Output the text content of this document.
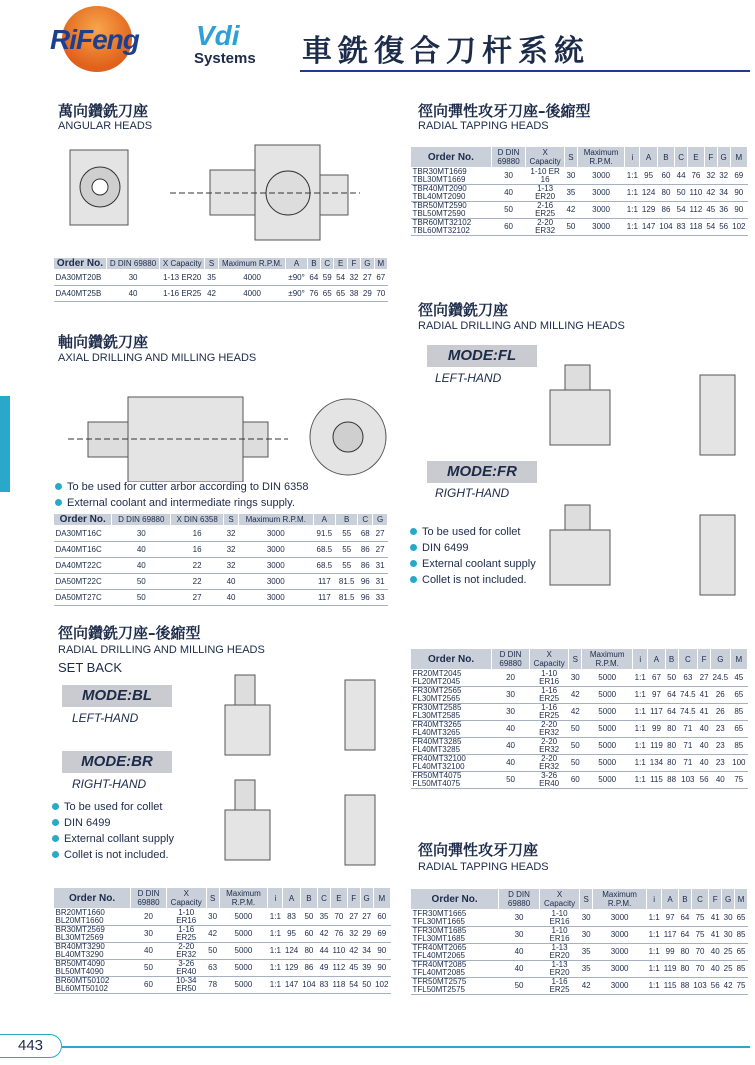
RiFeng Vdi
Systems 車銑復合刀杆系統
萬向鑽銑刀座
ANGULAR HEADS
Order No.	D DIN 69880	X Capacity	S	Maximum R.P.M.	A	B	C	E	F	G	M
DA30MT20B	30	1-13 ER20	35	4000	±90°	64	59	54	32	27	67
DA40MT25B	40	1-16 ER25	42	4000	±90°	76	65	65	38	29	70
軸向鑽銑刀座
AXIAL DRILLING AND MILLING HEADS
To be used for cutter arbor according to DIN 6358
External coolant and intermediate rings supply.
Order No.	D DIN 69880	X DIN 6358	S	Maximum R.P.M.	A	B	C	G
DA30MT16C	30	16	32	3000	91.5	55	68	27
DA40MT16C	40	16	32	3000	68.5	55	86	27
DA40MT22C	40	22	32	3000	68.5	55	86	31
DA50MT22C	50	22	40	3000	117	81.5	96	31
DA50MT27C	50	27	40	3000	117	81.5	96	33
徑向鑽銑刀座–後縮型
RADIAL DRILLING AND MILLING HEADS
SET BACK
MODE:BL
LEFT-HAND
MODE:BR
RIGHT-HAND
To be used for collet
DIN 6499
External collant supply
Collet is not included.
Order No.	D DIN 69880	X Capacity	S	Maximum R.P.M.	i	A	B	C	E	F	G	M
BR20MT1660 BL20MT1660	20	1-10 ER16	30	5000	1:1	83	50	35	70	27	27	60
BR30MT2569 BL30MT2569	30	1-16 ER25	42	5000	1:1	95	60	42	76	32	29	69
BR40MT3290 BL40MT3290	40	2-20 ER32	50	5000	1:1	124	80	44	110	42	34	90
BR50MT4090 BL50MT4090	50	3-26 ER40	63	5000	1:1	129	86	49	112	45	39	90
BR60MT50102 BL60MT50102	60	10-34 ER50	78	5000	1:1	147	104	83	118	54	50	102
徑向彈性攻牙刀座–後縮型
RADIAL TAPPING HEADS
Order No.	D DIN 69880	X Capacity	S	Maximum R.P.M.	i	A	B	C	E	F	G	M
TBR30MT1669 TBL30MT1669	30	1-10 ER 16	30	3000	1:1	95	60	44	76	32	32	69
TBR40MT2090 TBL40MT2090	40	1-13 ER20	35	3000	1:1	124	80	50	110	42	34	90
TBR50MT2590 TBL50MT2590	50	2-16 ER25	42	3000	1:1	129	86	54	112	45	36	90
TBR60MT32102 TBL60MT32102	60	2-20 ER32	50	3000	1:1	147	104	83	118	54	56	102
徑向鑽銑刀座
RADIAL DRILLING AND MILLING HEADS
MODE:FL
LEFT-HAND
MODE:FR
RIGHT-HAND
To be used for collet
DIN 6499
External coolant supply
Collet is not included.
Order No.	D DIN 69880	X Capacity	S	Maximum R.P.M.	i	A	B	C	F	G	M
FR20MT2045 FL20MT2045	20	1-10 ER16	30	5000	1:1	67	50	63	27	24.5	45
FR30MT2565 FL30MT2565	30	1-16 ER25	42	5000	1:1	97	64	74.5	41	26	65
FR30MT2585 FL30MT2585	30	1-16 ER25	42	5000	1:1	117	64	74.5	41	26	85
FR40MT3265 FL40MT3265	40	2-20 ER32	50	5000	1:1	99	80	71	40	23	65
FR40MT3285 FL40MT3285	40	2-20 ER32	50	5000	1:1	119	80	71	40	23	85
FR40MT32100 FL40MT32100	40	2-20 ER32	50	5000	1:1	134	80	71	40	23	100
FR50MT4075 FL50MT4075	50	3-26 ER40	60	5000	1:1	115	88	103	56	40	75
徑向彈性攻牙刀座
RADIAL TAPPING HEADS
Order No.	D DIN 69880	X Capacity	S	Maximum R.P.M.	i	A	B	C	F	G	M
TFR30MT1665 TFL30MT1665	30	1-10 ER16	30	3000	1:1	97	64	75	41	30	65
TFR30MT1685 TFL30MT1685	30	1-10 ER16	30	3000	1:1	117	64	75	41	30	85
TFR40MT2065 TFL40MT2065	40	1-13 ER20	35	3000	1:1	99	80	70	40	25	65
TFR40MT2085 TFL40MT2085	40	1-13 ER20	35	3000	1:1	119	80	70	40	25	85
TFR50MT2575 TFL50MT2575	50	1-16 ER25	42	3000	1:1	115	88	103	56	42	75
443
